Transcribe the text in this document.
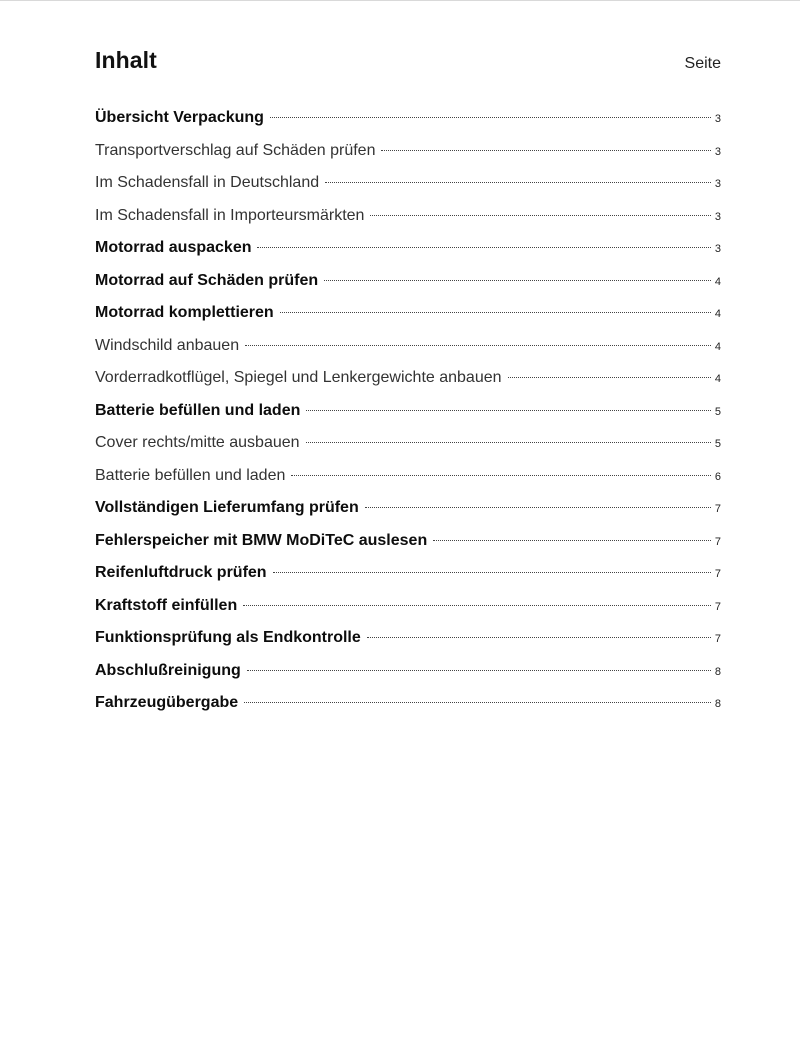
Inhalt	Seite
Übersicht Verpackung	3
Transportverschlag auf Schäden prüfen	3
Im Schadensfall in Deutschland	3
Im Schadensfall in Importeursmärkten	3
Motorrad auspacken	3
Motorrad auf Schäden prüfen	4
Motorrad komplettieren	4
Windschild anbauen	4
Vorderradkotflügel, Spiegel und Lenkergewichte anbauen	4
Batterie befüllen und laden	5
Cover rechts/mitte ausbauen	5
Batterie befüllen und laden	6
Vollständigen Lieferumfang prüfen	7
Fehlerspeicher mit BMW MoDiTeC auslesen	7
Reifenluftdruck prüfen	7
Kraftstoff einfüllen	7
Funktionsprüfung als Endkontrolle	7
Abschlußreinigung	8
Fahrzeugübergabe	8
